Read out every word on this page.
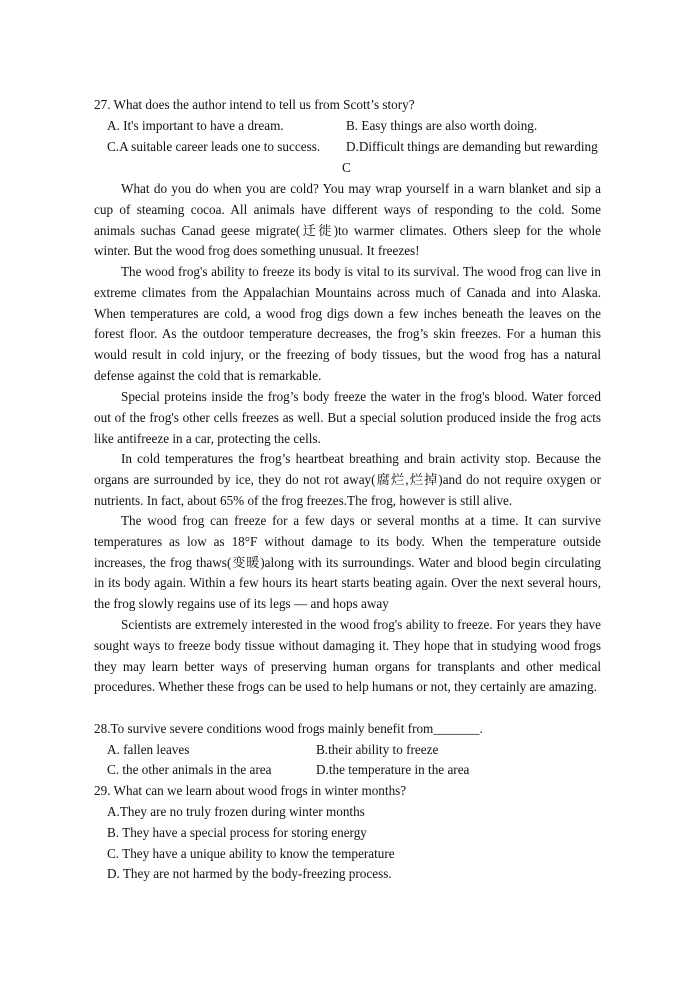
27. What does the author intend to tell us from Scott’s story?
A. It's important to have a dream.	B. Easy things are also worth doing.
C.A suitable career leads one to success. D.Difficult things are demanding but rewarding
C

What do you do when you are cold? You may wrap yourself in a warn blanket and sip a cup of steaming cocoa. All animals have different ways of responding to the cold. Some animals suchas Canad geese migrate(迁徙)to warmer climates. Others sleep for the whole winter. But the wood frog does something unusual. It freezes!

The wood frog's ability to freeze its body is vital to its survival. The wood frog can live in extreme climates from the Appalachian Mountains across much of Canada and into Alaska. When temperatures are cold, a wood frog digs down a few inches beneath the leaves on the forest floor. As the outdoor temperature decreases, the frog’s skin freezes. For a human this would result in cold injury, or the freezing of body tissues, but the wood frog has a natural defense against the cold that is remarkable.

Special proteins inside the frog’s body freeze the water in the frog's blood. Water forced out of the frog's other cells freezes as well. But a special solution produced inside the frog acts like antifreeze in a car, protecting the cells.

In cold temperatures the frog’s heartbeat breathing and brain activity stop. Because the organs are surrounded by ice, they do not rot away(腐烂,烂掉)and do not require oxygen or nutrients. In fact, about 65% of the frog freezes.The frog, however is still alive.

The wood frog can freeze for a few days or several months at a time. It can survive temperatures as low as 18°F without damage to its body. When the temperature outside increases, the frog thaws(变暖)along with its surroundings. Water and blood begin circulating in its body again. Within a few hours its heart starts beating again. Over the next several hours, the frog slowly regains use of its legs — and hops away

Scientists are extremely interested in the wood frog's ability to freeze. For years they have sought ways to freeze body tissue without damaging it. They hope that in studying wood frogs they may learn better ways of preserving human organs for transplants and other medical procedures. Whether these frogs can be used to help humans or not, they certainly are amazing.

28.To survive severe conditions wood frogs mainly benefit from_______.
A. fallen leaves	B.their ability to freeze
C. the other animals in the area	D.the temperature in the area
29. What can we learn about wood frogs in winter months?
A.They are no truly frozen during winter months
B. They have a special process for storing energy
C. They have a unique ability to know the temperature
D. They are not harmed by the body-freezing process.
